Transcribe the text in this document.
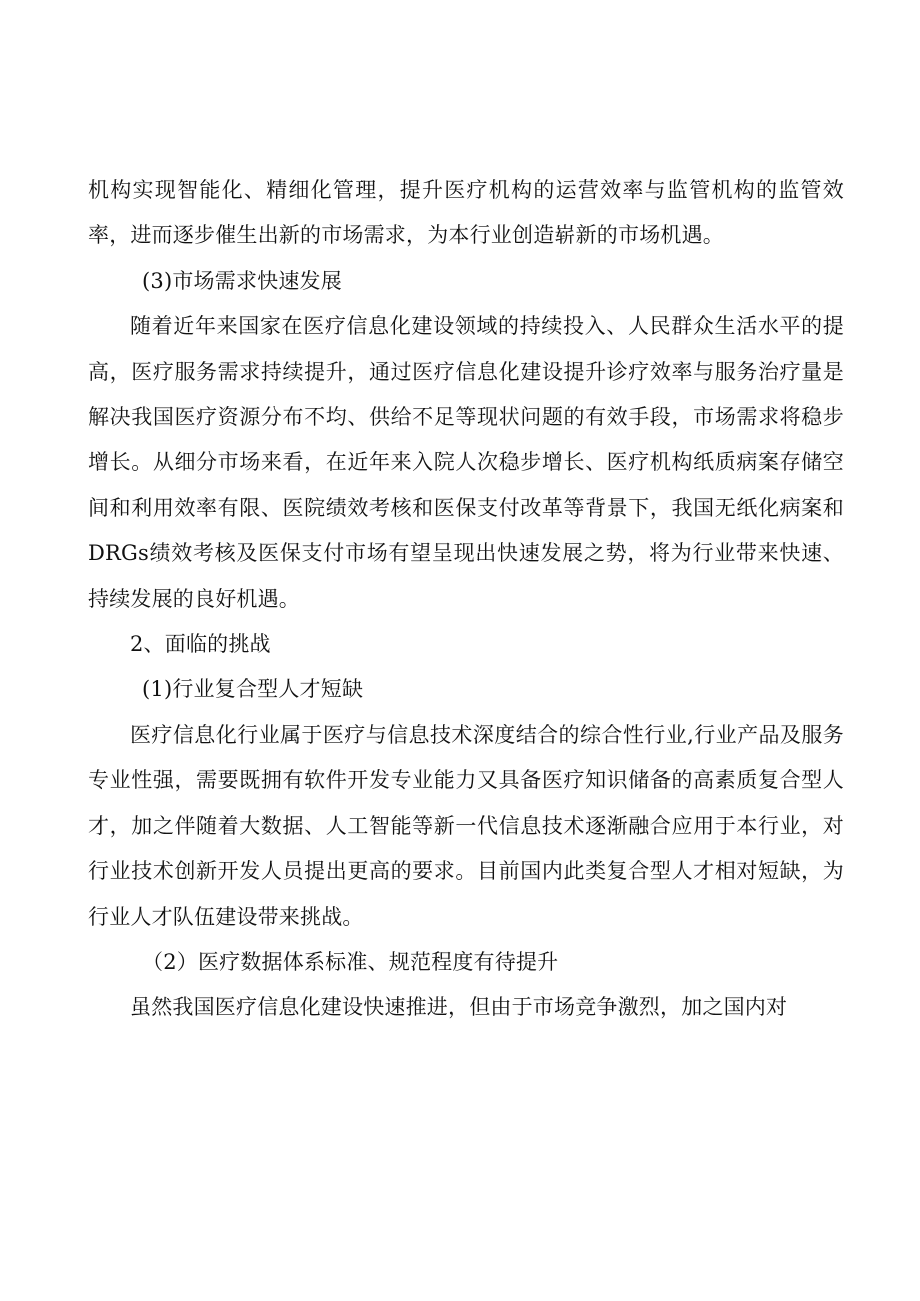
机构实现智能化、精细化管理，提升医疗机构的运营效率与监管机构的监管效率，进而逐步催生出新的市场需求，为本行业创造崭新的市场机遇。

(3)市场需求快速发展

随着近年来国家在医疗信息化建设领域的持续投入、人民群众生活水平的提高，医疗服务需求持续提升，通过医疗信息化建设提升诊疗效率与服务治疗量是解决我国医疗资源分布不均、供给不足等现状问题的有效手段，市场需求将稳步增长。从细分市场来看，在近年来入院人次稳步增长、医疗机构纸质病案存储空间和利用效率有限、医院绩效考核和医保支付改革等背景下，我国无纸化病案和DRGs绩效考核及医保支付市场有望呈现出快速发展之势，将为行业带来快速、持续发展的良好机遇。

2、面临的挑战

(1)行业复合型人才短缺

医疗信息化行业属于医疗与信息技术深度结合的综合性行业,行业产品及服务专业性强，需要既拥有软件开发专业能力又具备医疗知识储备的高素质复合型人才，加之伴随着大数据、人工智能等新一代信息技术逐渐融合应用于本行业，对行业技术创新开发人员提出更高的要求。目前国内此类复合型人才相对短缺，为行业人才队伍建设带来挑战。

（2）医疗数据体系标准、规范程度有待提升

虽然我国医疗信息化建设快速推进，但由于市场竞争激烈，加之国内对
